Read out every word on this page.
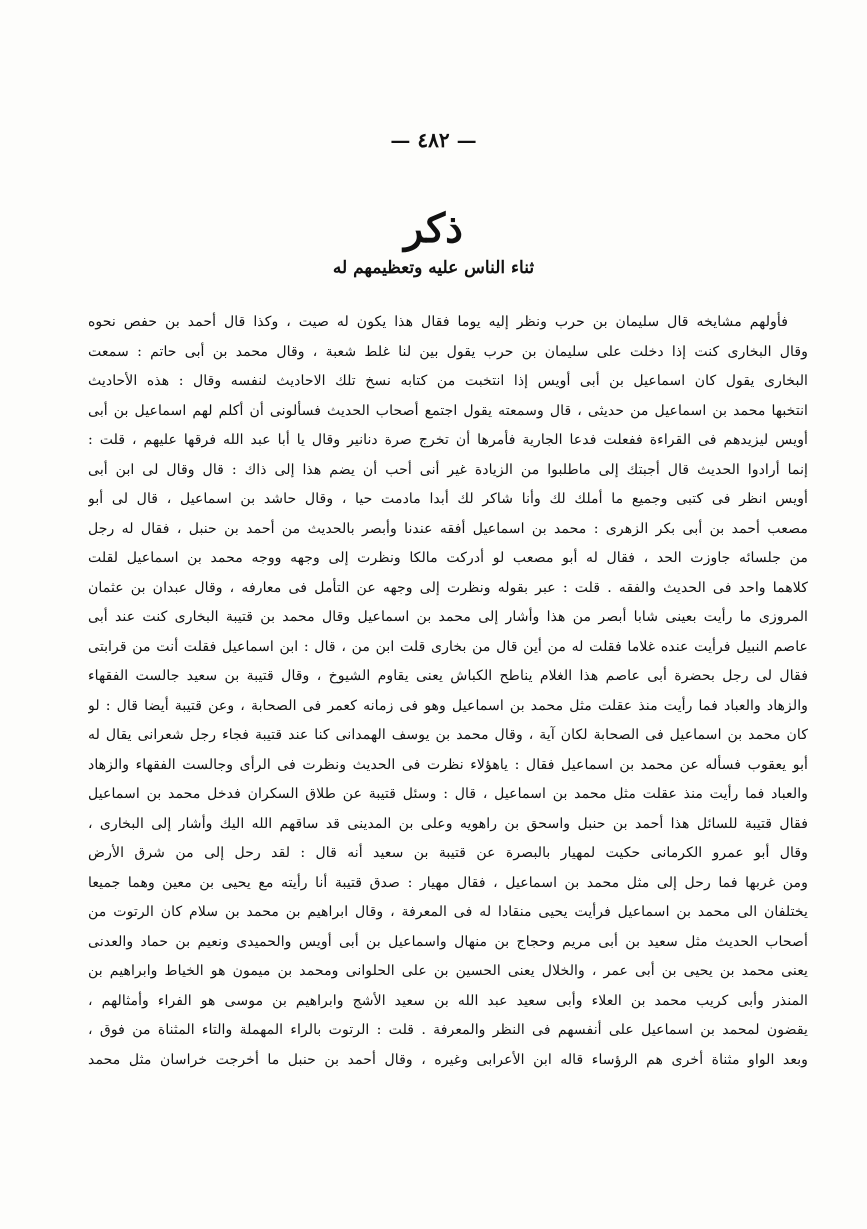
— ٤٨٢ —
ذكر
ثناء الناس عليه وتعظيمهم له
فأولهم مشايخه قال سليمان بن حرب ونظر إليه يوما فقال هذا يكون له صيت ، وكذا قال أحمد بن حفص نحوه
وقال البخارى كنت إذا دخلت على سليمان بن حرب يقول بين لنا غلط شعبة ، وقال محمد بن أبى حاتم : سمعت
البخارى يقول كان اسماعيل بن أبى أويس إذا انتخبت من كتابه نسخ تلك الاحاديث لنفسه وقال : هذه الأحاديث
انتخبها محمد بن اسماعيل من حديثى ، قال وسمعته يقول اجتمع أصحاب الحديث فسألونى أن أكلم لهم اسماعيل بن أبى
أويس ليزيدهم فى القراءة ففعلت فدعا الجارية فأمرها أن تخرج صرة دنانير وقال يا أبا عبد الله فرقها عليهم ، قلت :
إنما أرادوا الحديث قال أجبتك إلى ماطلبوا من الزيادة غير أنى أحب أن يضم هذا إلى ذاك : قال وقال لى ابن أبى
أويس انظر فى كتبى وجميع ما أملك لك وأنا شاكر لك أبدا مادمت حيا ، وقال حاشد بن اسماعيل ، قال لى أبو
مصعب أحمد بن أبى بكر الزهرى : محمد بن اسماعيل أفقه عندنا وأبصر بالحديث من أحمد بن حنبل ، فقال له رجل
من جلسائه جاوزت الحد ، فقال له أبو مصعب لو أدركت مالكا ونظرت إلى وجهه ووجه محمد بن اسماعيل لقلت
كلاهما واحد فى الحديث والفقه . قلت : عبر بقوله ونظرت إلى وجهه عن التأمل فى معارفه ، وقال عبدان بن عثمان
المروزى ما رأيت بعينى شابا أبصر من هذا وأشار إلى محمد بن اسماعيل وقال محمد بن قتيبة البخارى كنت عند أبى
عاصم النبيل فرأيت عنده غلاما فقلت له من أين قال من بخارى قلت ابن من ، قال : ابن اسماعيل فقلت أنت من قرابتى
فقال لى رجل بحضرة أبى عاصم هذا الغلام يناطح الكباش يعنى يقاوم الشيوخ ، وقال قتيبة بن سعيد جالست الفقهاء
والزهاد والعباد فما رأيت منذ عقلت مثل محمد بن اسماعيل وهو فى زمانه كعمر فى الصحابة ، وعن قتيبة أيضا قال : لو
كان محمد بن اسماعيل فى الصحابة لكان آية ، وقال محمد بن يوسف الهمدانى كنا عند قتيبة فجاء رجل شعرانى يقال له
أبو يعقوب فسأله عن محمد بن اسماعيل فقال : ياهؤلاء نظرت فى الحديث ونظرت فى الرأى وجالست الفقهاء والزهاد
والعباد فما رأيت منذ عقلت مثل محمد بن اسماعيل ، قال : وسئل قتيبة عن طلاق السكران فدخل محمد بن اسماعيل
فقال قتيبة للسائل هذا أحمد بن حنبل واسحق بن راهويه وعلى بن المدينى قد ساقهم الله اليك وأشار إلى البخارى ،
وقال أبو عمرو الكرمانى حكيت لمهيار بالبصرة عن قتيبة بن سعيد أنه قال : لقد رحل إلى من شرق الأرض
ومن غربها فما رحل إلى مثل محمد بن اسماعيل ، فقال مهيار : صدق قتيبة أنا رأيته مع يحيى بن معين وهما جميعا
يختلفان الى محمد بن اسماعيل فرأيت يحيى منقادا له فى المعرفة ، وقال ابراهيم بن محمد بن سلام كان الرتوت من
أصحاب الحديث مثل سعيد بن أبى مريم وحجاج بن منهال واسماعيل بن أبى أويس والحميدى ونعيم بن حماد والعدنى
يعنى محمد بن يحيى بن أبى عمر ، والخلال يعنى الحسين بن على الحلوانى ومحمد بن ميمون هو الخياط وابراهيم بن
المنذر وأبى كريب محمد بن العلاء وأبى سعيد عبد الله بن سعيد الأشج وابراهيم بن موسى هو الفراء وأمثالهم ،
يقضون لمحمد بن اسماعيل على أنفسهم فى النظر والمعرفة . قلت : الرتوت بالراء المهملة والتاء المثناة من فوق ،
وبعد الواو مثناة أخرى هم الرؤساء قاله ابن الأعرابى وغيره ، وقال أحمد بن حنبل ما أخرجت خراسان مثل محمد
